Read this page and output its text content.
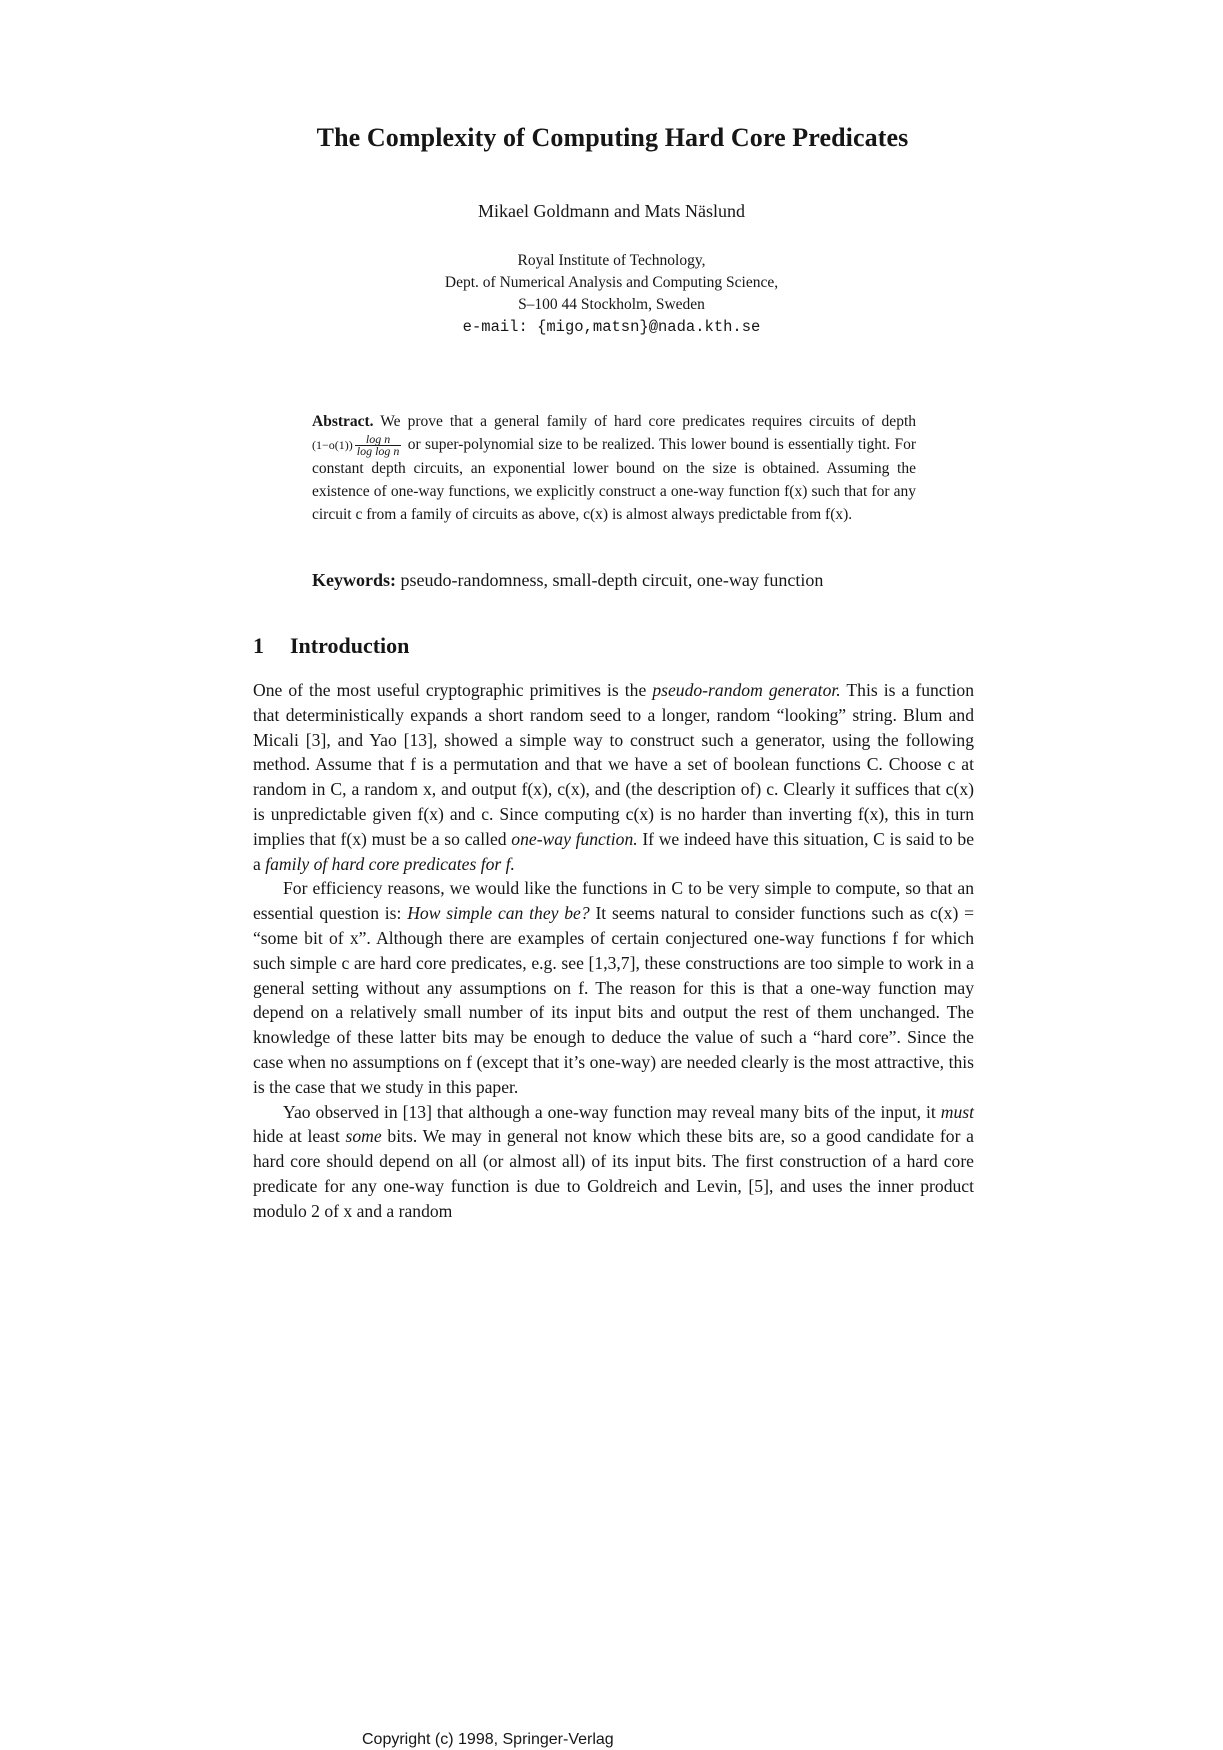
The Complexity of Computing Hard Core Predicates
Mikael Goldmann and Mats Näslund
Royal Institute of Technology,
Dept. of Numerical Analysis and Computing Science,
S–100 44 Stockholm, Sweden
e-mail: {migo,matsn}@nada.kth.se
Abstract. We prove that a general family of hard core predicates requires circuits of depth $(1-o(1)) \frac{\text{log n}}{\text{log log n}}$ or super-polynomial size to be realized. This lower bound is essentially tight. For constant depth circuits, an exponential lower bound on the size is obtained. Assuming the existence of one-way functions, we explicitly construct a one-way function f(x) such that for any circuit c from a family of circuits as above, c(x) is almost always predictable from f(x).
Keywords: pseudo-randomness, small-depth circuit, one-way function
1 Introduction

One of the most useful cryptographic primitives is the pseudo-random generator. This is a function that deterministically expands a short random seed to a longer, random “looking” string. Blum and Micali [3], and Yao [13], showed a simple way to construct such a generator, using the following method. Assume that f is a permutation and that we have a set of boolean functions C. Choose c at random in C, a random x, and output f(x), c(x), and (the description of) c. Clearly it suffices that c(x) is unpredictable given f(x) and c. Since computing c(x) is no harder than inverting f(x), this in turn implies that f(x) must be a so called one-way function. If we indeed have this situation, C is said to be a family of hard core predicates for f.

For efficiency reasons, we would like the functions in C to be very simple to compute, so that an essential question is: How simple can they be? It seems natural to consider functions such as c(x) = “some bit of x”. Although there are examples of certain conjectured one-way functions f for which such simple c are hard core predicates, e.g. see [1,3,7], these constructions are too simple to work in a general setting without any assumptions on f. The reason for this is that a one-way function may depend on a relatively small number of its input bits and output the rest of them unchanged. The knowledge of these latter bits may be enough to deduce the value of such a “hard core”. Since the case when no assumptions on f (except that it’s one-way) are needed clearly is the most attractive, this is the case that we study in this paper.

Yao observed in [13] that although a one-way function may reveal many bits of the input, it must hide at least some bits. We may in general not know which these bits are, so a good candidate for a hard core should depend on all (or almost all) of its input bits. The first construction of a hard core predicate for any one-way function is due to Goldreich and Levin, [5], and uses the inner product modulo 2 of x and a random

Copyright (c) 1998, Springer-Verlag
